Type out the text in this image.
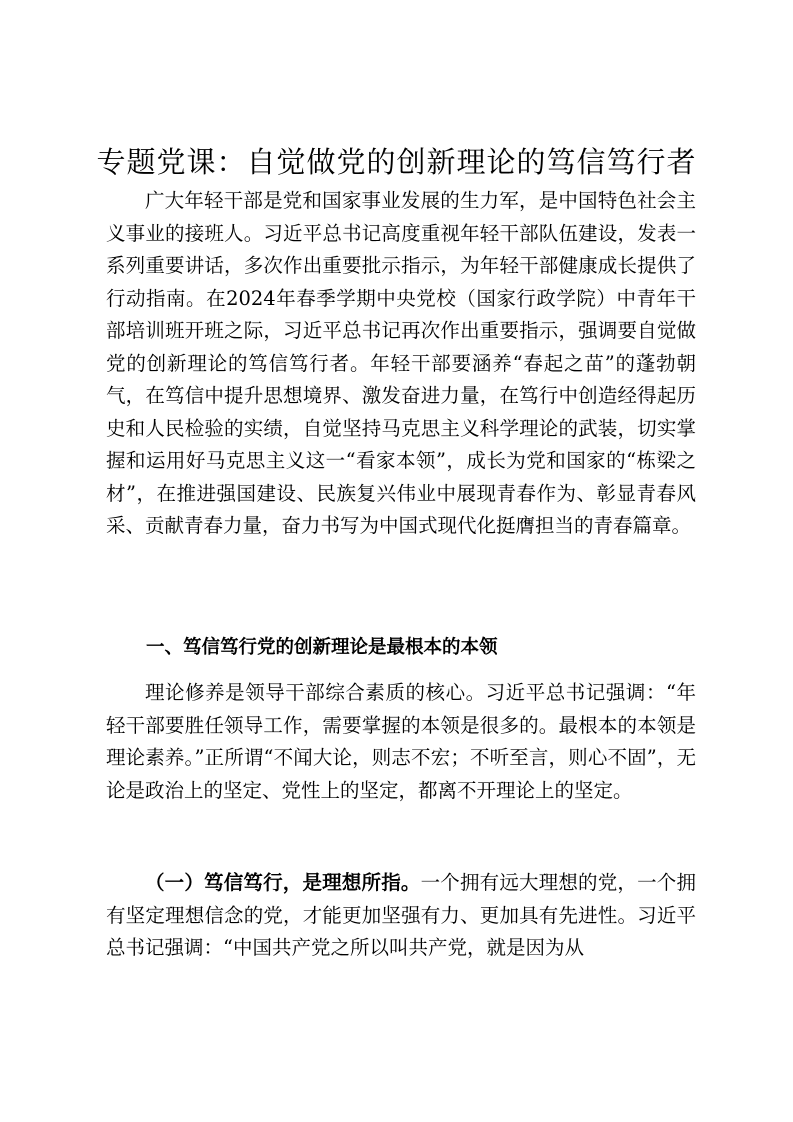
专题党课：自觉做党的创新理论的笃信笃行者

广大年轻干部是党和国家事业发展的生力军，是中国特色社会主义事业的接班人。习近平总书记高度重视年轻干部队伍建设，发表一系列重要讲话，多次作出重要批示指示，为年轻干部健康成长提供了行动指南。在2024年春季学期中央党校（国家行政学院）中青年干部培训班开班之际，习近平总书记再次作出重要指示，强调要自觉做党的创新理论的笃信笃行者。年轻干部要涵养“春起之苗”的蓬勃朝气，在笃信中提升思想境界、激发奋进力量，在笃行中创造经得起历史和人民检验的实绩，自觉坚持马克思主义科学理论的武装，切实掌握和运用好马克思主义这一“看家本领”，成长为党和国家的“栋梁之材”，在推进强国建设、民族复兴伟业中展现青春作为、彰显青春风采、贡献青春力量，奋力书写为中国式现代化挺膺担当的青春篇章。

一、笃信笃行党的创新理论是最根本的本领

理论修养是领导干部综合素质的核心。习近平总书记强调：“年轻干部要胜任领导工作，需要掌握的本领是很多的。最根本的本领是理论素养。”正所谓“不闻大论，则志不宏；不听至言，则心不固”，无论是政治上的坚定、党性上的坚定，都离不开理论上的坚定。

（一）笃信笃行，是理想所指。一个拥有远大理想的党，一个拥有坚定理想信念的党，才能更加坚强有力、更加具有先进性。习近平总书记强调：“中国共产党之所以叫共产党，就是因为从
